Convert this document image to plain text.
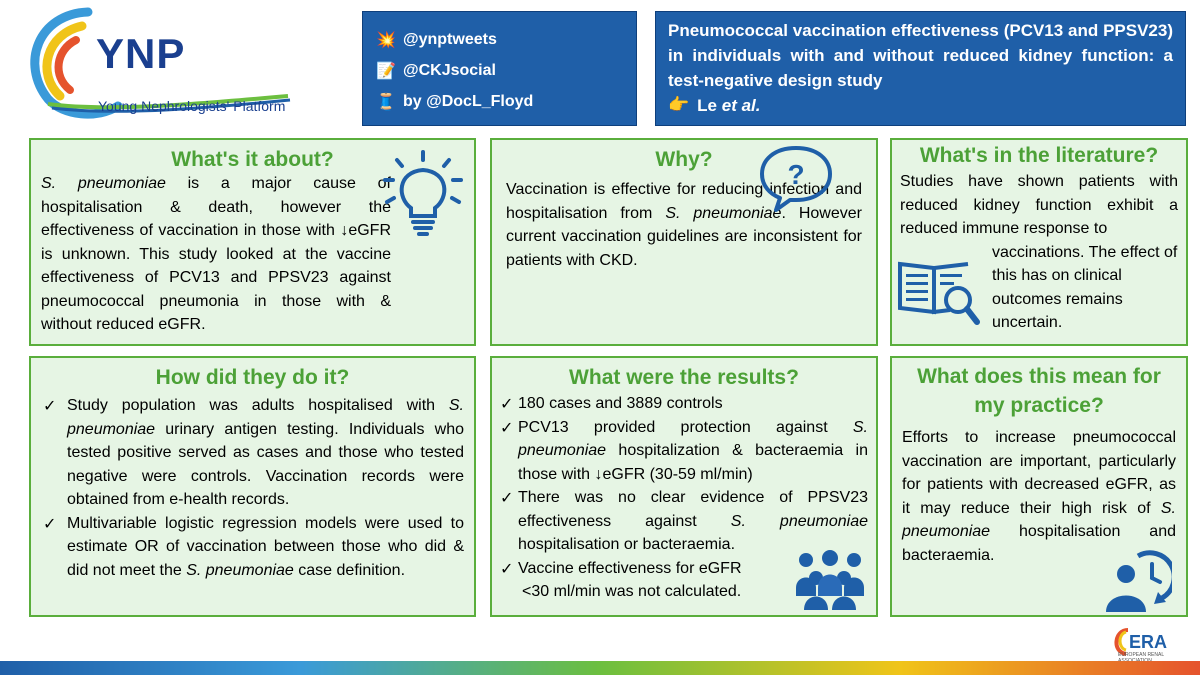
YNP
Young Nephrologists' Platform
💥 @ynptweets
📝 @CKJsocial
🧵 by @DocL_Floyd
Pneumococcal vaccination effectiveness (PCV13 and PPSV23) in individuals with and without reduced kidney function: a test-negative design study
👉 Le et al.
What's it about?
S. pneumoniae is a major cause of hospitalisation & death, however the effectiveness of vaccination in those with ↓eGFR is unknown. This study looked at the vaccine effectiveness of PCV13 and PPSV23 against pneumococcal pneumonia in those with & without reduced eGFR.
Why?
Vaccination is effective for reducing infection and hospitalisation from S. pneumoniae. However current vaccination guidelines are inconsistent for patients with CKD.
?
What's in the literature?
Studies have shown patients with reduced kidney function exhibit a reduced immune response to
vaccinations. The effect of this has on clinical outcomes remains uncertain.
How did they do it?
✓ Study population was adults hospitalised with S. pneumoniae urinary antigen testing. Individuals who tested positive served as cases and those who tested negative were controls. Vaccination records were obtained from e-health records.
✓ Multivariable logistic regression models were used to estimate OR of vaccination between those who did & did not meet the S. pneumoniae case definition.
What were the results?
✓ 180 cases and 3889 controls
✓ PCV13 provided protection against S. pneumoniae hospitalization & bacteraemia in those with ↓eGFR (30-59 ml/min)
✓ There was no clear evidence of PPSV23 effectiveness against S. pneumoniae hospitalisation or bacteraemia.
✓ Vaccine effectiveness for eGFR
<30 ml/min was not calculated.
What does this mean for
my practice?
Efforts to increase pneumococcal vaccination are important, particularly for patients with decreased eGFR, as it may reduce their high risk of S. pneumoniae hospitalisation and bacteraemia.
ERA
EUROPEAN RENAL
